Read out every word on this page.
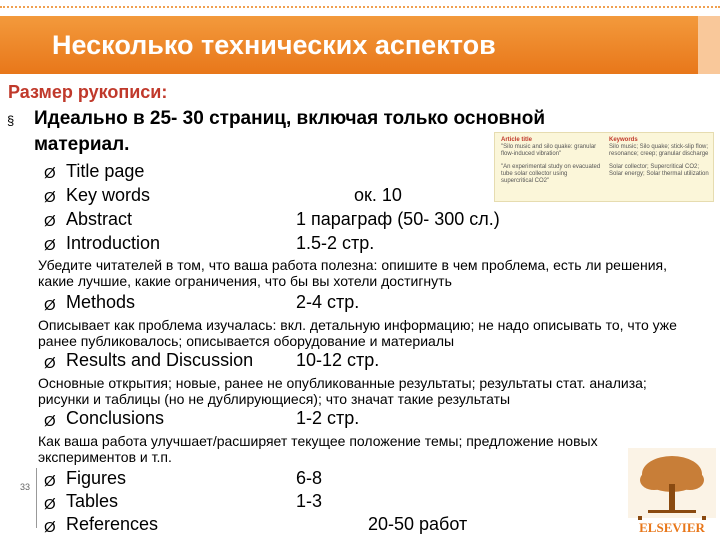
Несколько технических аспектов
Размер рукописи:
§ Идеально в 25- 30 страниц, включая только основной
материал.	Article title
"Silo music and silo quake: granular flow-induced vibration"
"An experimental study on evacuated tube solar collector using supercritical CO2"
Keywords
Silo music; Silo quake; stick-slip flow; resonance; creep; granular discharge
Solar collector; Supercritical CO2; Solar energy; Solar thermal utilization
Ø Title page
Ø Key words	ок. 10
Ø Abstract	1 параграф (50- 300 сл.)
Ø Introduction	1.5-2 стр.
Убедите читателей в том, что ваша работа полезна: опишите в чем проблема, есть ли решения, какие лучшие, какие ограничения, что бы вы хотели достигнуть
Ø Methods	2-4 стр.
Описывает как проблема изучалась: вкл. детальную информацию; не надо описывать то, что уже ранее публиковалось; описывается оборудование и материалы
Ø Results and Discussion 10-12 стр.
Основные открытия; новые, ранее не опубликованные результаты; результаты стат. анализа; рисунки и таблицы (но не дублирующиеся); что значат такие результаты
Ø Conclusions	1-2 стр.
Как ваша работа улучшает/расширяет текущее положение темы; предложение новых экспериментов и т.п.
Ø Figures	6-8
Ø Tables	1-3
Ø References	20-50 работ
33
ELSEVIER
